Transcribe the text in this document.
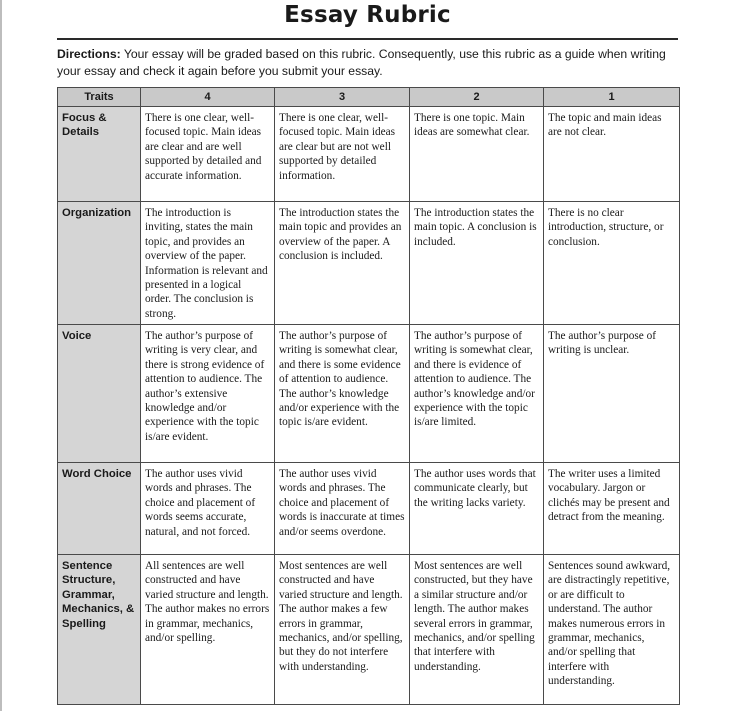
Essay Rubric
Directions: Your essay will be graded based on this rubric. Consequently, use this rubric as a guide when writing your essay and check it again before you submit your essay.
Traits	4	3	2	1
Focus & Details	There is one clear, well-focused topic. Main ideas are clear and are well supported by detailed and accurate information.	There is one clear, well-focused topic. Main ideas are clear but are not well supported by detailed information.	There is one topic. Main ideas are somewhat clear.	The topic and main ideas are not clear.
Organization	The introduction is inviting, states the main topic, and provides an overview of the paper. Information is relevant and presented in a logical order. The conclusion is strong.	The introduction states the main topic and provides an overview of the paper. A conclusion is included.	The introduction states the main topic. A conclusion is included.	There is no clear introduction, structure, or conclusion.
Voice	The author’s purpose of writing is very clear, and there is strong evidence of attention to audience. The author’s extensive knowledge and/or experience with the topic is/are evident.	The author’s purpose of writing is somewhat clear, and there is some evidence of attention to audience. The author’s knowledge and/or experience with the topic is/are evident.	The author’s purpose of writing is somewhat clear, and there is evidence of attention to audience. The author’s knowledge and/or experience with the topic is/are limited.	The author’s purpose of writing is unclear.
Word Choice	The author uses vivid words and phrases. The choice and placement of words seems accurate, natural, and not forced.	The author uses vivid words and phrases. The choice and placement of words is inaccurate at times and/or seems overdone.	The author uses words that communicate clearly, but the writing lacks variety.	The writer uses a limited vocabulary. Jargon or clichés may be present and detract from the meaning.
Sentence Structure, Grammar, Mechanics, & Spelling	All sentences are well constructed and have varied structure and length. The author makes no errors in grammar, mechanics, and/or spelling.	Most sentences are well constructed and have varied structure and length. The author makes a few errors in grammar, mechanics, and/or spelling, but they do not interfere with understanding.	Most sentences are well constructed, but they have a similar structure and/or length. The author makes several errors in grammar, mechanics, and/or spelling that interfere with understanding.	Sentences sound awkward, are distractingly repetitive, or are difficult to understand. The author makes numerous errors in grammar, mechanics, and/or spelling that interfere with understanding.
